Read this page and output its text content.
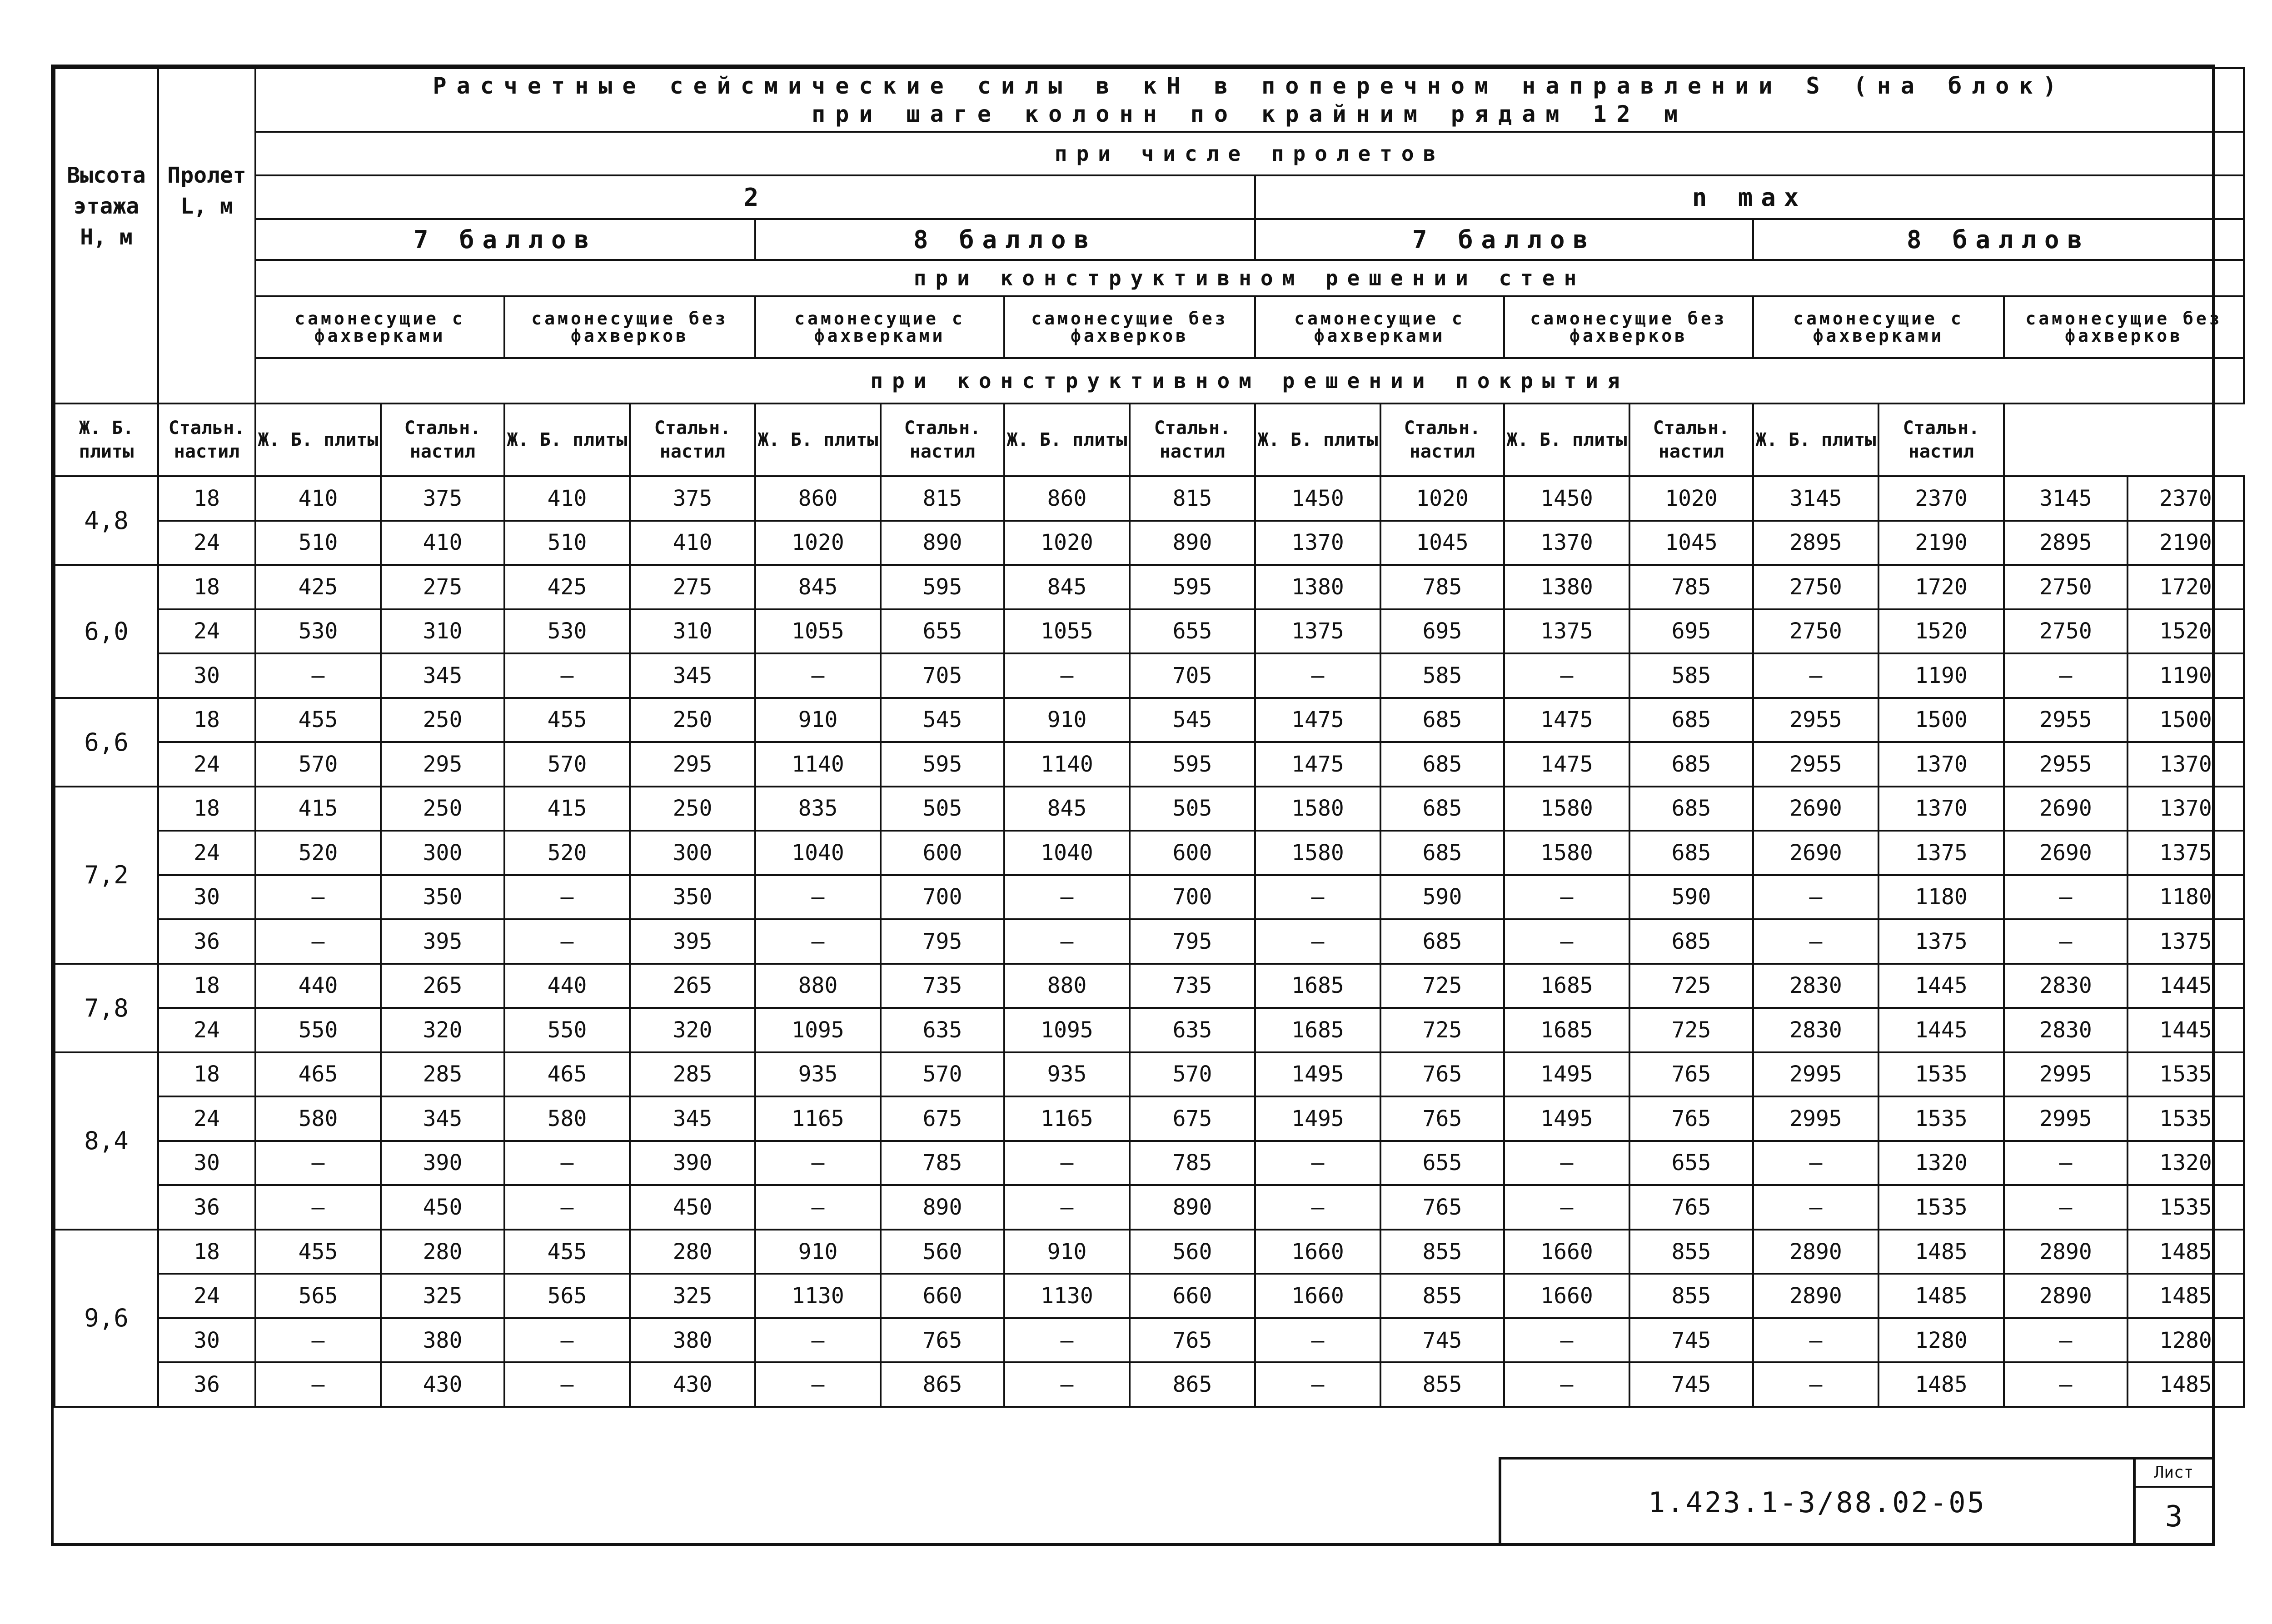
Высота этажа H, м	Пролет L, м	Расчетные сейсмические силы в кН в поперечном направлении S (на блок)
при шаге колонн по крайним рядам 12 м															

		при числе пролетов															
		2								n max							
		7 баллов				8 баллов				7 баллов				8 баллов			
		при конструктивном решении стен															
		самонесущие с фахверками		самонесущие без фахверков		самонесущие с фахверками		самонесущие без фахверков		самонесущие с фахверками		самонесущие без фахверков		самонесущие с фахверками		самонесущие без фахверков	
		при конструктивном решении покрытия															
Ж. Б. плиты	Стальн. настил	Ж. Б. плиты	Стальн. настил	Ж. Б. плиты	Стальн. настил	Ж. Б. плиты	Стальн. настил	Ж. Б. плиты	Стальн. настил	Ж. Б. плиты	Стальн. настил	Ж. Б. плиты	Стальн. настил	Ж. Б. плиты	Стальн. настил		
4,8	18	410	375	410	375	860	815	860	815	1450	1020	1450	1020	3145	2370	3145	2370
	24	510	410	510	410	1020	890	1020	890	1370	1045	1370	1045	2895	2190	2895	2190
6,0	18	425	275	425	275	845	595	845	595	1380	785	1380	785	2750	1720	2750	1720
	24	530	310	530	310	1055	655	1055	655	1375	695	1375	695	2750	1520	2750	1520
	30	—	345	—	345	—	705	—	705	—	585	—	585	—	1190	—	1190
6,6	18	455	250	455	250	910	545	910	545	1475	685	1475	685	2955	1500	2955	1500
	24	570	295	570	295	1140	595	1140	595	1475	685	1475	685	2955	1370	2955	1370
7,2	18	415	250	415	250	835	505	845	505	1580	685	1580	685	2690	1370	2690	1370
	24	520	300	520	300	1040	600	1040	600	1580	685	1580	685	2690	1375	2690	1375
	30	—	350	—	350	—	700	—	700	—	590	—	590	—	1180	—	1180
	36	—	395	—	395	—	795	—	795	—	685	—	685	—	1375	—	1375
7,8	18	440	265	440	265	880	735	880	735	1685	725	1685	725	2830	1445	2830	1445
	24	550	320	550	320	1095	635	1095	635	1685	725	1685	725	2830	1445	2830	1445
8,4	18	465	285	465	285	935	570	935	570	1495	765	1495	765	2995	1535	2995	1535
	24	580	345	580	345	1165	675	1165	675	1495	765	1495	765	2995	1535	2995	1535
	30	—	390	—	390	—	785	—	785	—	655	—	655	—	1320	—	1320
	36	—	450	—	450	—	890	—	890	—	765	—	765	—	1535	—	1535
9,6	18	455	280	455	280	910	560	910	560	1660	855	1660	855	2890	1485	2890	1485
	24	565	325	565	325	1130	660	1130	660	1660	855	1660	855	2890	1485	2890	1485
	30	—	380	—	380	—	765	—	765	—	745	—	745	—	1280	—	1280
	36	—	430	—	430	—	865	—	865	—	855	—	745	—	1485	—	1485
1.423.1-3/88.02-05
Лист
3
